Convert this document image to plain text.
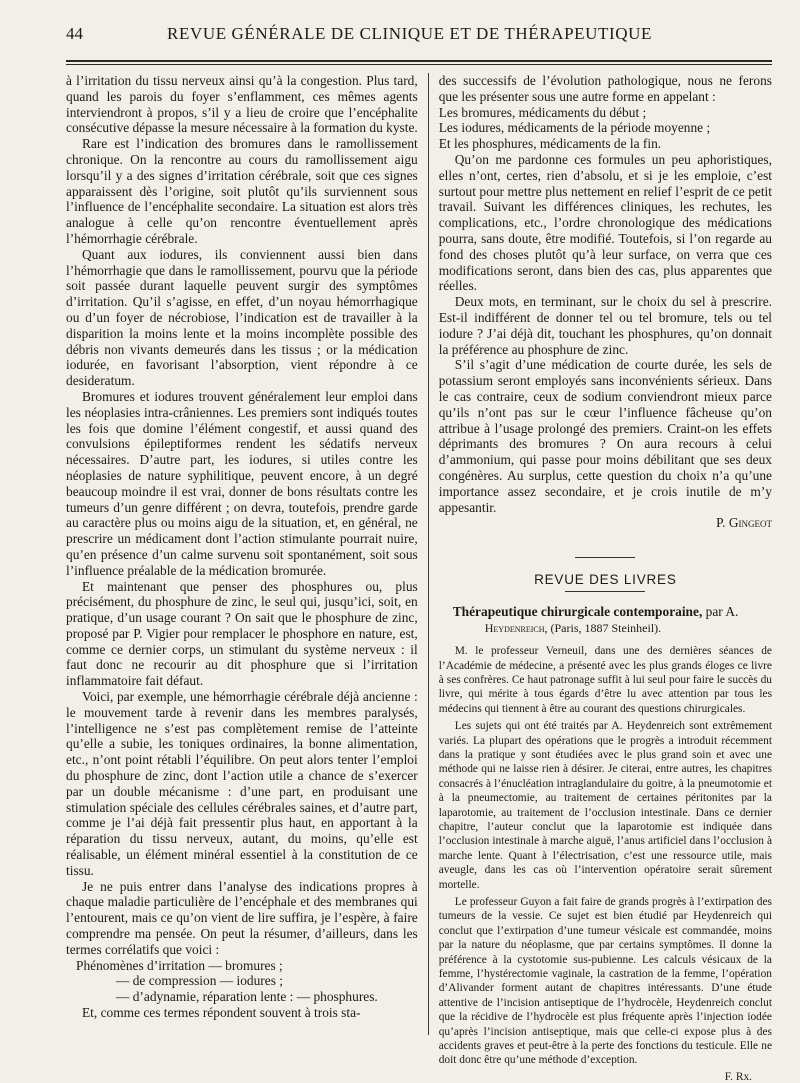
44	REVUE GÉNÉRALE DE CLINIQUE ET DE THÉRAPEUTIQUE

à l’irritation du tissu nerveux ainsi qu’à la congestion. Plus tard, quand les parois du foyer s’enflamment, ces mêmes agents interviendront à propos, s’il y a lieu de croire que l’encéphalite consécutive dépasse la mesure nécessaire à la formation du kyste.

Rare est l’indication des bromures dans le ramollissement chronique. On la rencontre au cours du ramollissement aigu lorsqu’il y a des signes d’irritation cérébrale, soit que ces signes apparaissent dès l’origine, soit plutôt qu’ils surviennent sous l’influence de l’encéphalite secondaire. La situation est alors très analogue à celle qu’on rencontre éventuellement après l’hémorrhagie cérébrale.

Quant aux iodures, ils conviennent aussi bien dans l’hémorrhagie que dans le ramollissement, pourvu que la période soit passée durant laquelle peuvent surgir des symptômes d’irritation. Qu’il s’agisse, en effet, d’un noyau hémorrhagique ou d’un foyer de nécrobiose, l’indication est de travailler à la disparition la moins lente et la moins incomplète possible des débris non vivants demeurés dans les tissus ; or la médication iodurée, en favorisant l’absorption, vient répondre à ce desideratum.

Bromures et iodures trouvent généralement leur emploi dans les néoplasies intra-crâniennes. Les premiers sont indiqués toutes les fois que domine l’élément congestif, et aussi quand des convulsions épileptiformes rendent les sédatifs nerveux nécessaires. D’autre part, les iodures, si utiles contre les néoplasies de nature syphilitique, peuvent encore, à un degré beaucoup moindre il est vrai, donner de bons résultats contre les tumeurs d’un genre différent ; on devra, toutefois, prendre garde au caractère plus ou moins aigu de la situation, et, en général, ne prescrire un médicament dont l’action stimulante pourrait nuire, qu’en présence d’un calme survenu soit spontanément, soit sous l’influence préalable de la médication bromurée.

Et maintenant que penser des phosphures ou, plus précisément, du phosphure de zinc, le seul qui, jusqu’ici, soit, en pratique, d’un usage courant ? On sait que le phosphure de zinc, proposé par P. Vigier pour remplacer le phosphore en nature, est, comme ce dernier corps, un stimulant du système nerveux : il faut donc ne recourir au dit phosphure que si l’irritation inflammatoire fait défaut.

Voici, par exemple, une hémorrhagie cérébrale déjà ancienne : le mouvement tarde à revenir dans les membres paralysés, l’intelligence ne s’est pas complètement remise de l’atteinte qu’elle a subie, les toniques ordinaires, la bonne alimentation, etc., n’ont point rétabli l’équilibre. On peut alors tenter l’emploi du phosphure de zinc, dont l’action utile a chance de s’exercer par un double mécanisme : d’une part, en produisant une stimulation spéciale des cellules cérébrales saines, et d’autre part, comme je l’ai déjà fait pressentir plus haut, en apportant à la réparation du tissu nerveux, autant, du moins, qu’elle est réalisable, un élément minéral essentiel à la constitution de ce tissu.

Je ne puis entrer dans l’analyse des indications propres à chaque maladie particulière de l’encéphale et des membranes qui l’entourent, mais ce qu’on vient de lire suffira, je l’espère, à faire comprendre ma pensée. On peut la résumer, d’ailleurs, dans les termes corrélatifs que voici :

Phénomènes d’irritation — bromures ;

— de compression — iodures ;

— d’adynamie, réparation lente : — phosphures.

Et, comme ces termes répondent souvent à trois sta-

des successifs de l’évolution pathologique, nous ne ferons que les présenter sous une autre forme en appelant :

Les bromures, médicaments du début ;

Les iodures, médicaments de la période moyenne ;

Et les phosphures, médicaments de la fin.

Qu’on me pardonne ces formules un peu aphoristiques, elles n’ont, certes, rien d’absolu, et si je les emploie, c’est surtout pour mettre plus nettement en relief l’esprit de ce petit travail. Suivant les différences cliniques, les rechutes, les complications, etc., l’ordre chronologique des médications pourra, sans doute, être modifié. Toutefois, si l’on regarde au fond des choses plutôt qu’à leur surface, on verra que ces modifications seront, dans bien des cas, plus apparentes que réelles.

Deux mots, en terminant, sur le choix du sel à prescrire. Est-il indifférent de donner tel ou tel bromure, tels ou tel iodure ? J’ai déjà dit, touchant les phosphures, qu’on donnait la préférence au phosphure de zinc.

S’il s’agit d’une médication de courte durée, les sels de potassium seront employés sans inconvénients sérieux. Dans le cas contraire, ceux de sodium conviendront mieux parce qu’ils n’ont pas sur le cœur l’influence fâcheuse qu’on attribue à l’usage prolongé des premiers. Craint-on les effets déprimants des bromures ? On aura recours à celui d’ammonium, qui passe pour moins débilitant que ses deux congénères. Au surplus, cette question du choix n’a qu’une importance assez secondaire, et je crois inutile de m’y appesantir.

P. Gingeot
REVUE DES LIVRES
Thérapeutique chirurgicale contemporaine, par A.
Heydenreich, (Paris, 1887 Steinheil).

M. le professeur Verneuil, dans une des dernières séances de l’Académie de médecine, a présenté avec les plus grands éloges ce livre à ses confrères. Ce haut patronage suffit à lui seul pour faire le succès du livre, qui mérite à tous égards d’être lu avec attention par tous les médecins qui tiennent à être au courant des questions chirurgicales.

Les sujets qui ont été traités par A. Heydenreich sont extrêmement variés. La plupart des opérations que le progrès a introduit récemment dans la pratique y sont étudiées avec le plus grand soin et avec une méthode qui ne laisse rien à désirer. Je citerai, entre autres, les chapitres consacrés à l’énucléation intraglandulaire du goitre, à la pneumotomie et à la pneumectomie, au traitement de certaines péritonites par la laparotomie, au traitement de l’occlusion intestinale. Dans ce dernier chapitre, l’auteur conclut que la laparotomie est indiquée dans l’occlusion intestinale à marche aiguë, l’anus artificiel dans l’occlusion à marche lente. Quant à l’électrisation, c’est une ressource utile, mais aveugle, dans les cas où l’intervention opératoire serait sûrement mortelle.

Le professeur Guyon a fait faire de grands progrès à l’extirpation des tumeurs de la vessie. Ce sujet est bien étudié par Heydenreich qui conclut que l’extirpation d’une tumeur vésicale est commandée, moins par la nature du néoplasme, que par certains symptômes. Il donne la préférence à la cystotomie sus-pubienne. Les calculs vésicaux de la femme, l’hystérectomie vaginale, la castration de la femme, l’opération d’Alivander forment autant de chapitres intéressants. D’une étude attentive de l’incision antiseptique de l’hydrocèle, Heydenreich conclut que la récidive de l’hydrocèle est plus fréquente après l’injection iodée qu’après l’incision antiseptique, mais que celle-ci expose plus à des accidents graves et peut-être à la perte des fonctions du testicule. Elle ne doit donc être qu’une méthode d’exception.

F. Rx.
